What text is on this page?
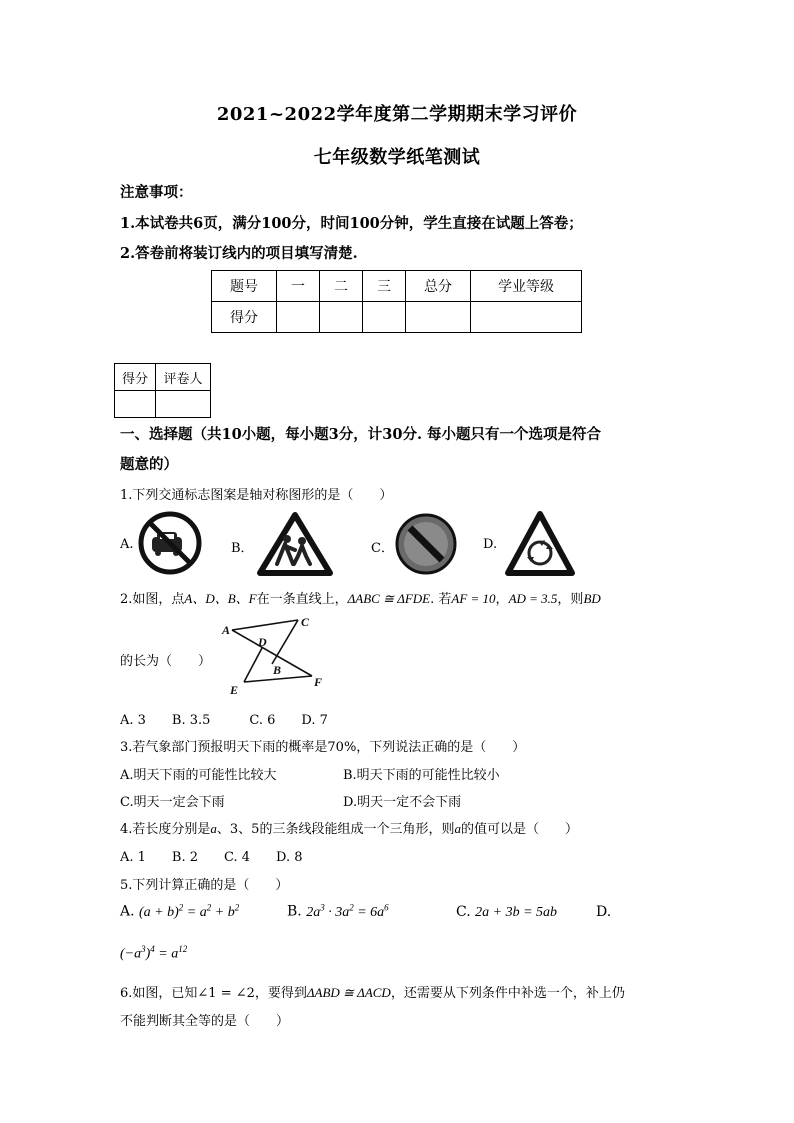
2021~2022学年度第二学期期末学习评价
七年级数学纸笔测试
注意事项：
1.本试卷共6页，满分100分，时间100分钟，学生直接在试题上答卷；
2.答卷前将装订线内的项目填写清楚.
题号	一	二	三	总分	学业等级
得分					
得分	评卷人

一、选择题（共10小题，每小题3分，计30分. 每小题只有一个选项是符合
题意的）
1.下列交通标志图案是轴对称图形的是（　　）
A.	B．	C．	D.
2.如图，点A、D、B、F在一条直线上，ΔABC ≅ ΔFDE. 若AF = 10，AD = 3.5，则BD
的长为（　　）
A
C
D
B
E
F
A. 3　　B. 3.5　　　C. 6　　D. 7
3.若气象部门预报明天下雨的概率是70%，下列说法正确的是（　　）
A.明天下雨的可能性比较大	B.明天下雨的可能性比较小
C.明天一定会下雨	D.明天一定不会下雨
4.若长度分别是a、3、5的三条线段能组成一个三角形，则a的值可以是（　　）
A. 1　　B. 2　　C. 4　　D. 8
5.下列计算正确的是（　　）
A. $(a + b)^2 = a^2 + b^2$	B. $2a^3 \cdot 3a^2 = 6a^6$	C. 2a + 3b = 5ab	D.
$(-a^3)^4 = a^{12}$
6.如图，已知∠1 = ∠2，要得到ΔABD ≅ ΔACD，还需要从下列条件中补选一个，补上仍
不能判断其全等的是（　　）
